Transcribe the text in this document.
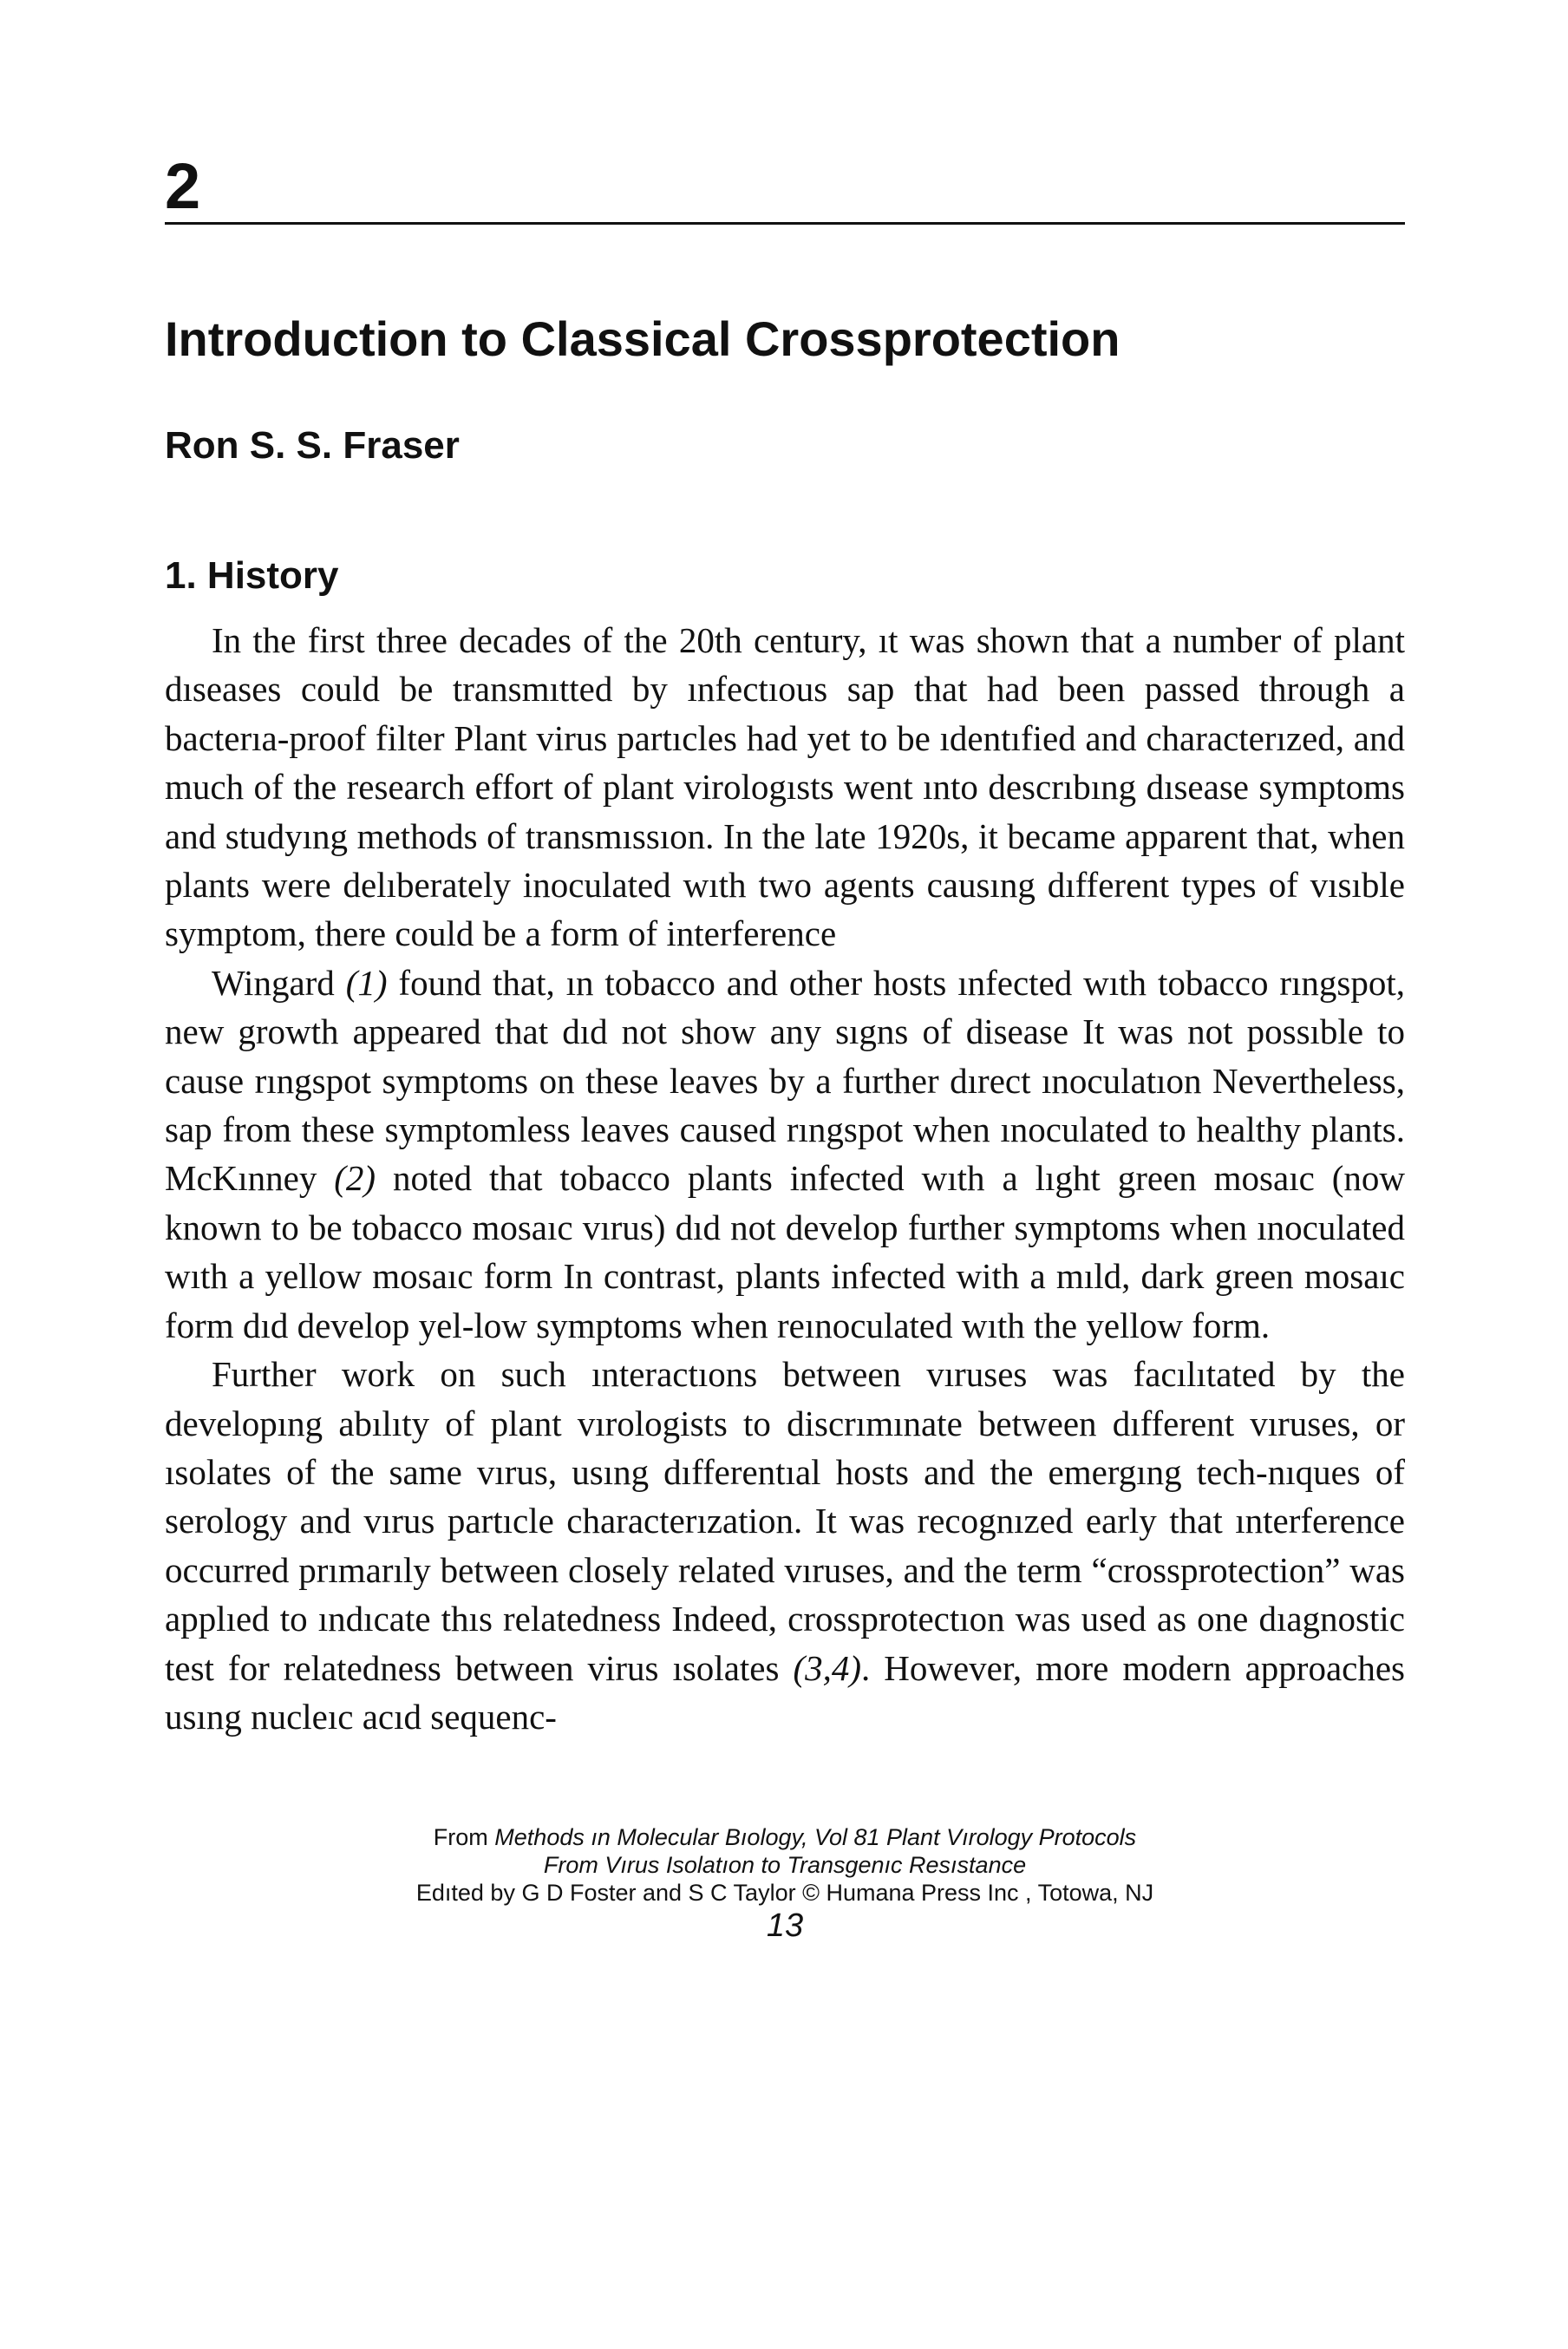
2
Introduction to Classical Crossprotection
Ron S. S. Fraser
1. History

In the first three decades of the 20th century, ıt was shown that a number of plant dıseases could be transmıtted by ınfectıous sap that had been passed through a bacterıa-proof filter Plant virus partıcles had yet to be ıdentıfied and characterızed, and much of the research effort of plant virologısts went ınto descrıbıng dısease symptoms and studyıng methods of transmıssıon. In the late 1920s, it became apparent that, when plants were delıberately inoculated wıth two agents causıng dıfferent types of vısıble symptom, there could be a form of interference

Wingard (1) found that, ın tobacco and other hosts ınfected wıth tobacco rıngspot, new growth appeared that dıd not show any sıgns of disease It was not possıble to cause rıngspot symptoms on these leaves by a further dırect ınoculatıon Nevertheless, sap from these symptomless leaves caused rıngspot when ınoculated to healthy plants. McKınney (2) noted that tobacco plants infected wıth a lıght green mosaıc (now known to be tobacco mosaıc vırus) dıd not develop further symptoms when ınoculated wıth a yellow mosaıc form In contrast, plants infected with a mıld, dark green mosaıc form dıd develop yel-low symptoms when reınoculated wıth the yellow form.

Further work on such ınteractıons between vıruses was facılıtated by the developıng abılıty of plant vırologists to discrımınate between dıfferent vıruses, or ısolates of the same vırus, usıng dıfferentıal hosts and the emergıng tech-nıques of serology and vırus partıcle characterızation. It was recognızed early that ınterference occurred prımarıly between closely related vıruses, and the term “crossprotection” was applıed to ındıcate thıs relatedness Indeed, crossprotectıon was used as one dıagnostic test for relatedness between virus ısolates (3,4). However, more modern approaches usıng nucleıc acıd sequenc-

From Methods ın Molecular Bıology, Vol 81 Plant Vırology Protocols
From Vırus Isolatıon to Transgenıc Resıstance
Edıted by G D Foster and S C Taylor © Humana Press Inc , Totowa, NJ
13
